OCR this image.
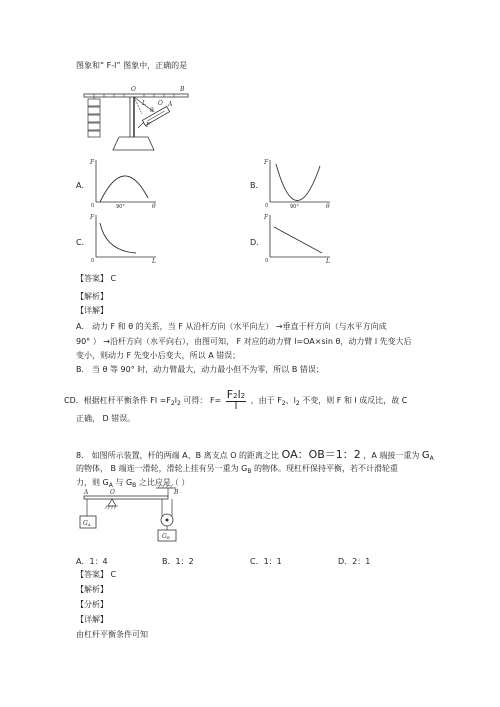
图象和“ F-l” 图象中，正确的是
O	B
L O A
F
θ
A．
F
0	90°	θ
B．
F
0	90°	θ
C．
F
0	L
D．
F
0	L
【答案】 C
【解析】
【详解】
A． 动力 F 和 θ 的关系，当 F 从沿杆方向（水平向左） →垂直于杆方向（与水平方向成
90° ） →沿杆方向（水平向右），由图可知， F 对应的动力臂 l=OA×sin θ，动力臂 l 先变大后
变小，则动力 F 先变小后变大，所以 A 错误；
B． 当 θ 等 90° 时，动力臂最大，动力最小但不为零，所以 B 错误；
CD．根据杠杆平衡条件 $Fl =F_2l_2$ 可得： $F= \frac{F2l2}{l}$ ，由于 $F_2$、$l_2$ 不变，则 F 和 l 成反比，故 C
正确， D 错误。
8． 如图所示装置，杆的两端 A、B 离支点 O 的距离之比 OA：OB＝1：2 ，A 端接一重为 $G_A$
的物体， B 端连一滑轮，滑轮上挂有另一重为 $G_B$ 的物体。现杠杆保持平衡，若不计滑轮重
力，则 $G_A$ 与 $G_B$ 之比应是（ ）
A	O	B
GA
GB
A．1：4	B．1：2	C．1：1	D．2：1
【答案】 C
【解析】
【分析】
【详解】
由杠杆平衡条件可知
